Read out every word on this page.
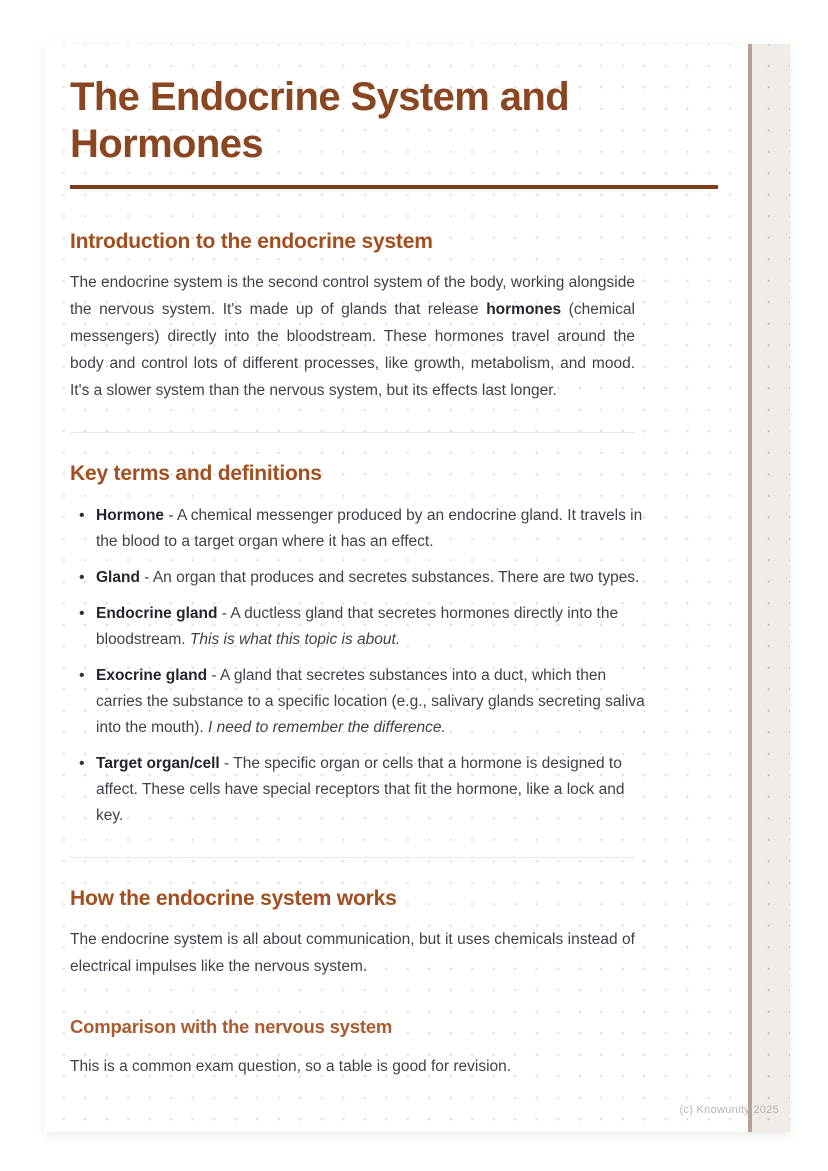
The Endocrine System and Hormones
Introduction to the endocrine system

The endocrine system is the second control system of the body, working alongside the nervous system. It's made up of glands that release hormones (chemical messengers) directly into the bloodstream. These hormones travel around the body and control lots of different processes, like growth, metabolism, and mood. It's a slower system than the nervous system, but its effects last longer.

Key terms and definitions
• Hormone - A chemical messenger produced by an endocrine gland. It travels in the blood to a target organ where it has an effect.
• Gland - An organ that produces and secretes substances. There are two types.
• Endocrine gland - A ductless gland that secretes hormones directly into the bloodstream. This is what this topic is about.
• Exocrine gland - A gland that secretes substances into a duct, which then carries the substance to a specific location (e.g., salivary glands secreting saliva into the mouth). I need to remember the difference.
• Target organ/cell - The specific organ or cells that a hormone is designed to affect. These cells have special receptors that fit the hormone, like a lock and key.
How the endocrine system works

The endocrine system is all about communication, but it uses chemicals instead of electrical impulses like the nervous system.

Comparison with the nervous system

This is a common exam question, so a table is good for revision.

(c) Knowunity 2025
